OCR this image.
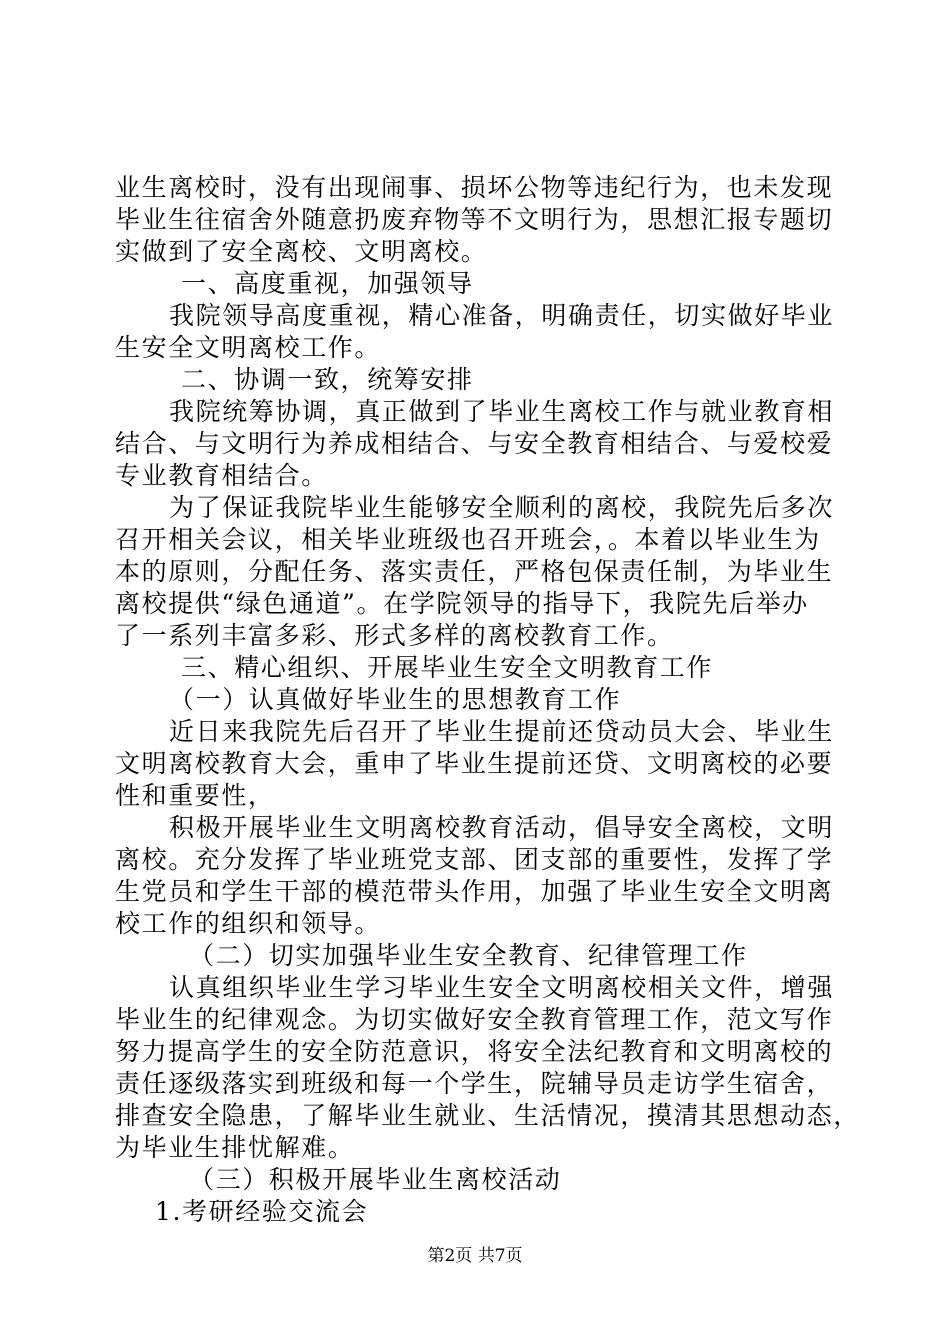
业生离校时，没有出现闹事、损坏公物等违纪行为，也未发现
毕业生往宿舍外随意扔废弃物等不文明行为，思想汇报专题切
实做到了安全离校、文明离校。
一、高度重视，加强领导
我院领导高度重视，精心准备，明确责任，切实做好毕业
生安全文明离校工作。
二、协调一致，统筹安排
我院统筹协调，真正做到了毕业生离校工作与就业教育相
结合、与文明行为养成相结合、与安全教育相结合、与爱校爱
专业教育相结合。
为了保证我院毕业生能够安全顺利的离校，我院先后多次
召开相关会议，相关毕业班级也召开班会，。本着以毕业生为
本的原则，分配任务、落实责任，严格包保责任制，为毕业生
离校提供“绿色通道”。在学院领导的指导下，我院先后举办
了一系列丰富多彩、形式多样的离校教育工作。
三、精心组织、开展毕业生安全文明教育工作
（一）认真做好毕业生的思想教育工作
近日来我院先后召开了毕业生提前还贷动员大会、毕业生
文明离校教育大会，重申了毕业生提前还贷、文明离校的必要
性和重要性，
积极开展毕业生文明离校教育活动，倡导安全离校，文明
离校。充分发挥了毕业班党支部、团支部的重要性，发挥了学
生党员和学生干部的模范带头作用，加强了毕业生安全文明离
校工作的组织和领导。
（二）切实加强毕业生安全教育、纪律管理工作
认真组织毕业生学习毕业生安全文明离校相关文件，增强
毕业生的纪律观念。为切实做好安全教育管理工作，范文写作
努力提高学生的安全防范意识，将安全法纪教育和文明离校的
责任逐级落实到班级和每一个学生，院辅导员走访学生宿舍，
排查安全隐患，了解毕业生就业、生活情况，摸清其思想动态，
为毕业生排忧解难。
（三）积极开展毕业生离校活动
1.考研经验交流会
第2页 共7页
